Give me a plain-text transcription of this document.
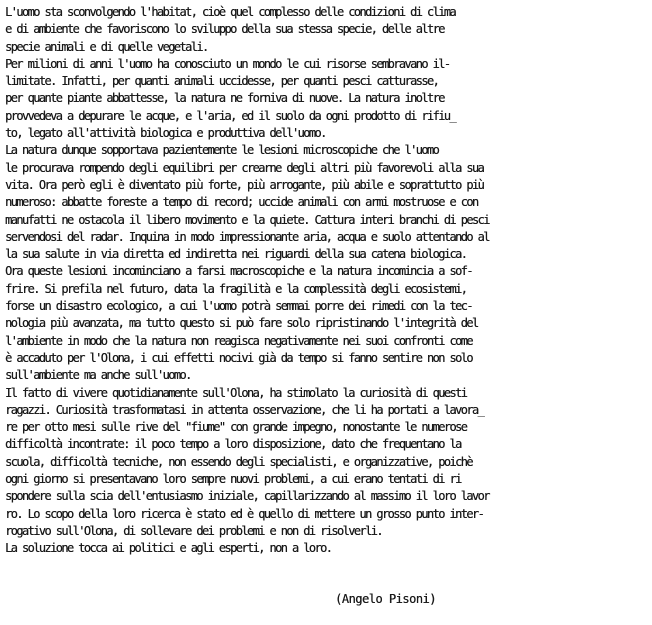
L'uomo sta sconvolgendo l'habitat, cioè quel complesso delle condizioni di clima
e di ambiente che favoriscono lo sviluppo della sua stessa specie, delle altre
specie animali e di quelle vegetali.
Per milioni di anni l'uomo ha conosciuto un mondo le cui risorse sembravano il-
limitate. Infatti, per quanti animali uccidesse, per quanti pesci catturasse,
per quante piante abbattesse, la natura ne forniva di nuove. La natura inoltre
provvedeva a depurare le acque, e l'aria, ed il suolo da ogni prodotto di rifiu_
to, legato all'attività biologica e produttiva dell'uomo.
La natura dunque sopportava pazientemente le lesioni microscopiche che l'uomo
le procurava rompendo degli equilibri per crearne degli altri più favorevoli alla sua
vita. Ora però egli è diventato più forte, più arrogante, più abile e soprattutto più
numeroso: abbatte foreste a tempo di record; uccide animali con armi mostruose e con
manufatti ne ostacola il libero movimento e la quiete. Cattura interi branchi di pesci
servendosi del radar. Inquina in modo impressionante aria, acqua e suolo attentando al
la sua salute in via diretta ed indiretta nei riguardi della sua catena biologica.
Ora queste lesioni incominciano a farsi macroscopiche e la natura incomincia a sof-
frire. Si prefila nel futuro, data la fragilità e la complessità degli ecosistemi,
forse un disastro ecologico, a cui l'uomo potrà semmai porre dei rimedi con la tec-
nologia più avanzata, ma tutto questo si può fare solo ripristinando l'integrità del
l'ambiente in modo che la natura non reagisca negativamente nei suoi confronti come
è accaduto per l'Olona, i cui effetti nocivi già da tempo si fanno sentire non solo
sull'ambiente ma anche sull'uomo.
Il fatto di vivere quotidianamente sull'Olona, ha stimolato la curiosità di questi
ragazzi. Curiosità trasformatasi in attenta osservazione, che li ha portati a lavora_
re per otto mesi sulle rive del "fiume" con grande impegno, nonostante le numerose
difficoltà incontrate: il poco tempo a loro disposizione, dato che frequentano la
scuola, difficoltà tecniche, non essendo degli specialisti, e organizzative, poichè
ogni giorno si presentavano loro sempre nuovi problemi, a cui erano tentati di ri
spondere sulla scia dell'entusiasmo iniziale, capillarizzando al massimo il loro lavor
ro. Lo scopo della loro ricerca è stato ed è quello di mettere un grosso punto inter-
rogativo sull'Olona, di sollevare dei problemi e non di risolverli.
La soluzione tocca ai politici e agli esperti, non a loro.
(Angelo Pisoni)
